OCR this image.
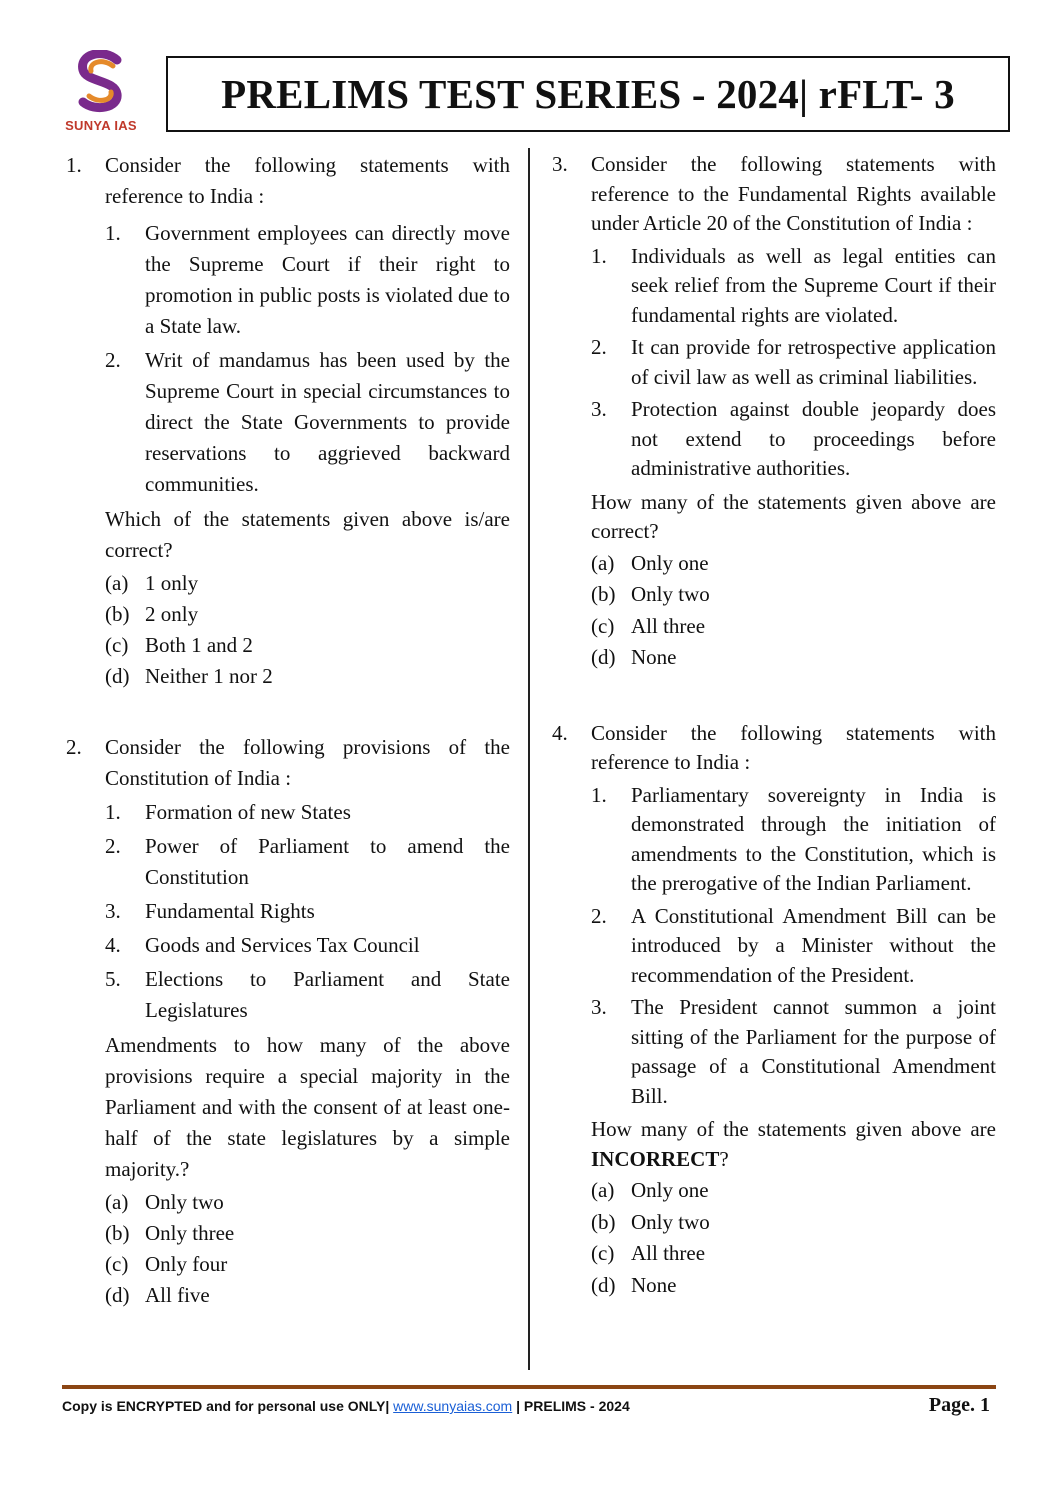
SUNYA IAS
PRELIMS TEST SERIES - 2024| rFLT- 3
1. Consider the following statements with reference to India :
1. Government employees can directly move the Supreme Court if their right to promotion in public posts is violated due to a State law.
2. Writ of mandamus has been used by the Supreme Court in special circumstances to direct the State Governments to provide reservations to aggrieved backward communities.
Which of the statements given above is/are correct?
(a) 1 only
(b) 2 only
(c) Both 1 and 2
(d) Neither 1 nor 2
2. Consider the following provisions of the Constitution of India :
1. Formation of new States
2. Power of Parliament to amend the Constitution
3. Fundamental Rights
4. Goods and Services Tax Council
5. Elections to Parliament and State Legislatures
Amendments to how many of the above provisions require a special majority in the Parliament and with the consent of at least one-half of the state legislatures by a simple majority.?
(a) Only two
(b) Only three
(c) Only four
(d) All five
3. Consider the following statements with reference to the Fundamental Rights available under Article 20 of the Constitution of India :
1. Individuals as well as legal entities can seek relief from the Supreme Court if their fundamental rights are violated.
2. It can provide for retrospective application of civil law as well as criminal liabilities.
3. Protection against double jeopardy does not extend to proceedings before administrative authorities.
How many of the statements given above are correct?
(a) Only one
(b) Only two
(c) All three
(d) None
4. Consider the following statements with reference to India :
1. Parliamentary sovereignty in India is demonstrated through the initiation of amendments to the Constitution, which is the prerogative of the Indian Parliament.
2. A Constitutional Amendment Bill can be introduced by a Minister without the recommendation of the President.
3. The President cannot summon a joint sitting of the Parliament for the purpose of passage of a Constitutional Amendment Bill.
How many of the statements given above are INCORRECT?
(a) Only one
(b) Only two
(c) All three
(d) None
Copy is ENCRYPTED and for personal use ONLY| www.sunyaias.com | PRELIMS - 2024	Page. 1
